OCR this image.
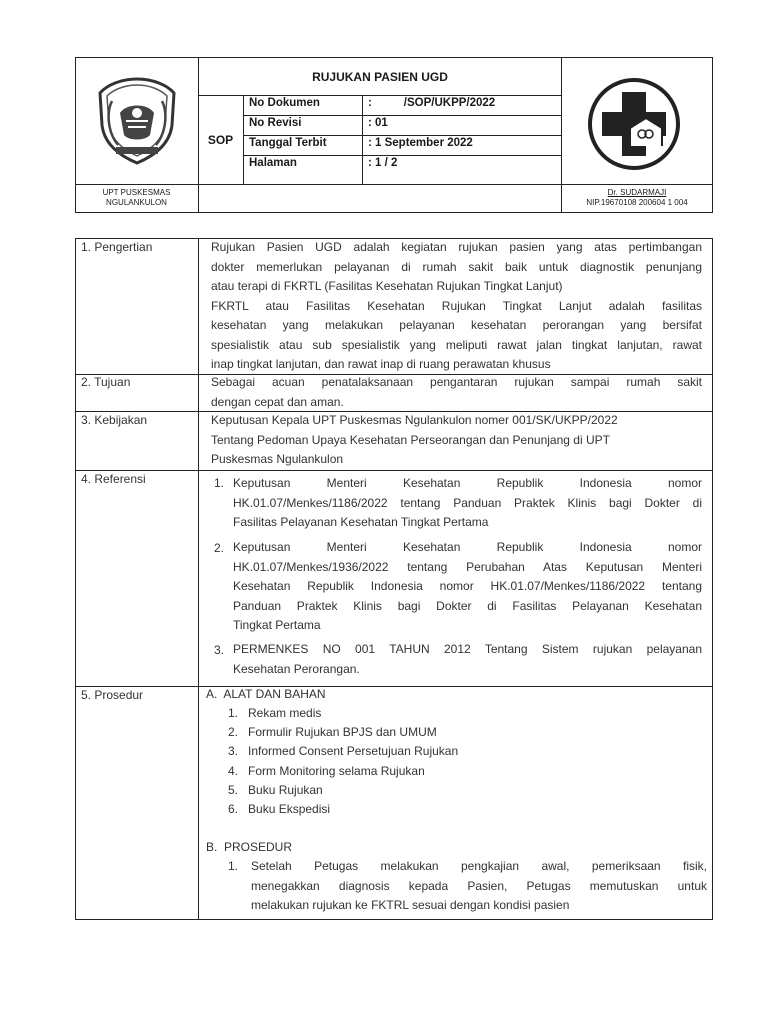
RUJUKAN PASIEN UGD
SOP
No Dokumen	:          /SOP/UKPP/2022
No Revisi	: 01
Tanggal Terbit	: 1 September 2022
Halaman	: 1 / 2
UPT PUSKESMAS
NGULANKULON
Dr. SUDARMAJI
NIP.19670108 200604 1 004
1. Pengertian	Rujukan Pasien UGD adalah kegiatan rujukan pasien yang atas pertimbangan
dokter memerlukan pelayanan di rumah sakit baik untuk diagnostik penunjang
atau terapi di FKRTL (Fasilitas Kesehatan Rujukan Tingkat Lanjut)
FKRTL atau Fasilitas Kesehatan Rujukan Tingkat Lanjut adalah fasilitas
kesehatan yang melakukan pelayanan kesehatan perorangan yang bersifat
spesialistik atau sub spesialistik yang meliputi rawat jalan tingkat lanjutan, rawat
inap tingkat lanjutan, dan rawat inap di ruang perawatan khusus
2. Tujuan	Sebagai acuan penatalaksanaan pengantaran rujukan sampai rumah sakit
dengan cepat dan aman.
3. Kebijakan	Keputusan Kepala UPT Puskesmas Ngulankulon nomer 001/SK/UKPP/2022
Tentang Pedoman Upaya Kesehatan Perseorangan dan Penunjang di UPT
Puskesmas Ngulankulon
4. Referensi	1. Keputusan Menteri Kesehatan Republik Indonesia nomor
HK.01.07/Menkes/1186/2022 tentang Panduan Praktek Klinis bagi Dokter di
Fasilitas Pelayanan Kesehatan Tingkat Pertama
2. Keputusan Menteri Kesehatan Republik Indonesia nomor
HK.01.07/Menkes/1936/2022 tentang Perubahan Atas Keputusan Menteri
Kesehatan Republik Indonesia nomor HK.01.07/Menkes/1186/2022 tentang
Panduan Praktek Klinis bagi Dokter di Fasilitas Pelayanan Kesehatan
Tingkat Pertama
3. PERMENKES NO 001 TAHUN 2012 Tentang Sistem rujukan pelayanan
Kesehatan Perorangan.
5. Prosedur	A.  ALAT DAN BAHAN
1.   Rekam medis
2.   Formulir Rujukan BPJS dan UMUM
3.   Informed Consent Persetujuan Rujukan
4.   Form Monitoring selama Rujukan
5.   Buku Rujukan
6.   Buku Ekspedisi
B.  PROSEDUR
1. Setelah Petugas melakukan pengkajian awal, pemeriksaan fisik,
menegakkan diagnosis kepada Pasien, Petugas memutuskan untuk
melakukan rujukan ke FKTRL sesuai dengan kondisi pasien
